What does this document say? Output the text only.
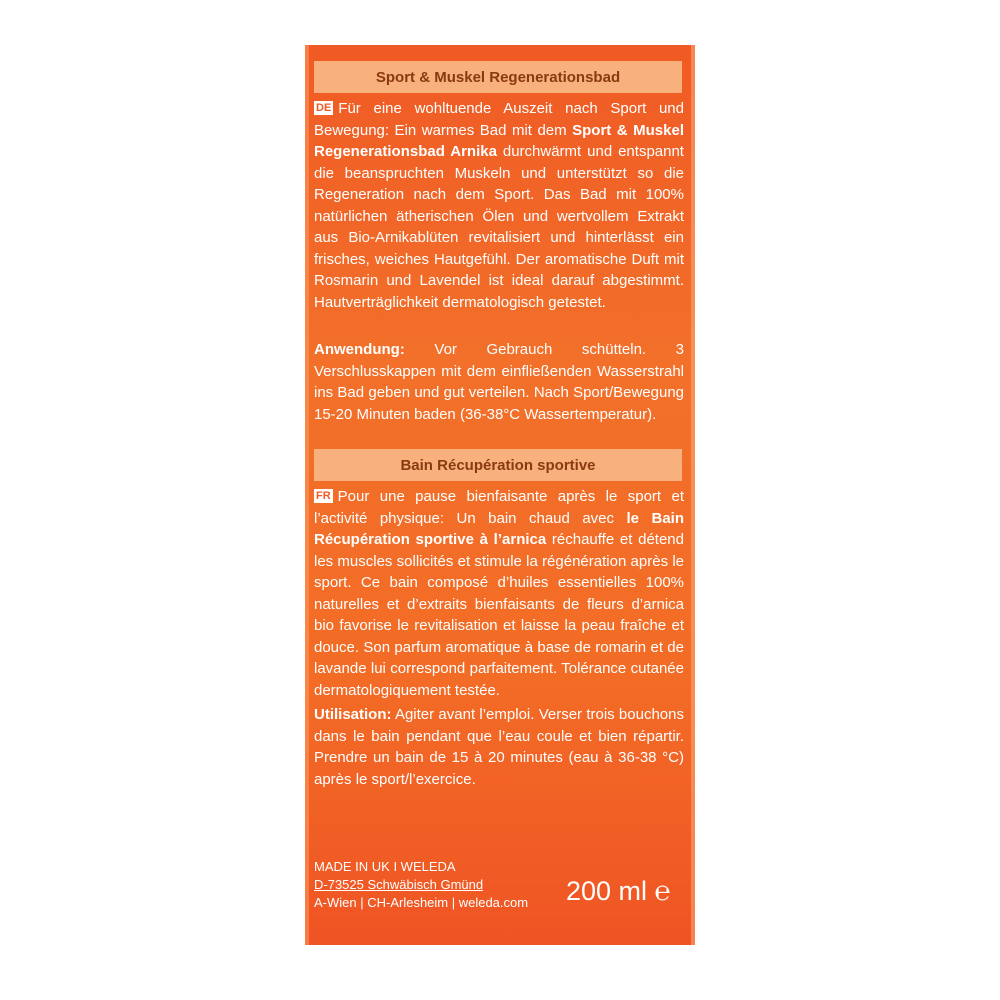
Sport & Muskel Regenerationsbad
DE Für eine wohltuende Auszeit nach Sport und Bewegung: Ein warmes Bad mit dem Sport & Muskel Regenerationsbad Arnika durchwärmt und entspannt die beanspruchten Muskeln und unterstützt so die Regeneration nach dem Sport. Das Bad mit 100% natürlichen ätherischen Ölen und wertvollem Extrakt aus Bio-Arnikablüten revitalisiert und hinterlässt ein frisches, weiches Hautgefühl. Der aromatische Duft mit Rosmarin und Lavendel ist ideal darauf abgestimmt. Hautverträglichkeit dermatologisch getestet.
Anwendung: Vor Gebrauch schütteln. 3 Verschlusskappen mit dem einfließenden Wasserstrahl ins Bad geben und gut verteilen. Nach Sport/Bewegung 15-20 Minuten baden (36-38°C Wassertemperatur).
Bain Récupération sportive
FR Pour une pause bienfaisante après le sport et l’activité physique: Un bain chaud avec le Bain Récupération sportive à l’arnica réchauffe et détend les muscles sollicités et stimule la régénération après le sport. Ce bain composé d’huiles essentielles 100% naturelles et d’extraits bienfaisants de fleurs d’arnica bio favorise le revitalisation et laisse la peau fraîche et douce. Son parfum aromatique à base de romarin et de lavande lui correspond parfaitement. Tolérance cutanée dermatologiquement testée.
Utilisation: Agiter avant l’emploi. Verser trois bouchons dans le bain pendant que l’eau coule et bien répartir. Prendre un bain de 15 à 20 minutes (eau à 36-38 °C) après le sport/l’exercice.
MADE IN UK I WELEDA
D-73525 Schwäbisch Gmünd
A-Wien | CH-Arlesheim | weleda.com	200 ml ℮
